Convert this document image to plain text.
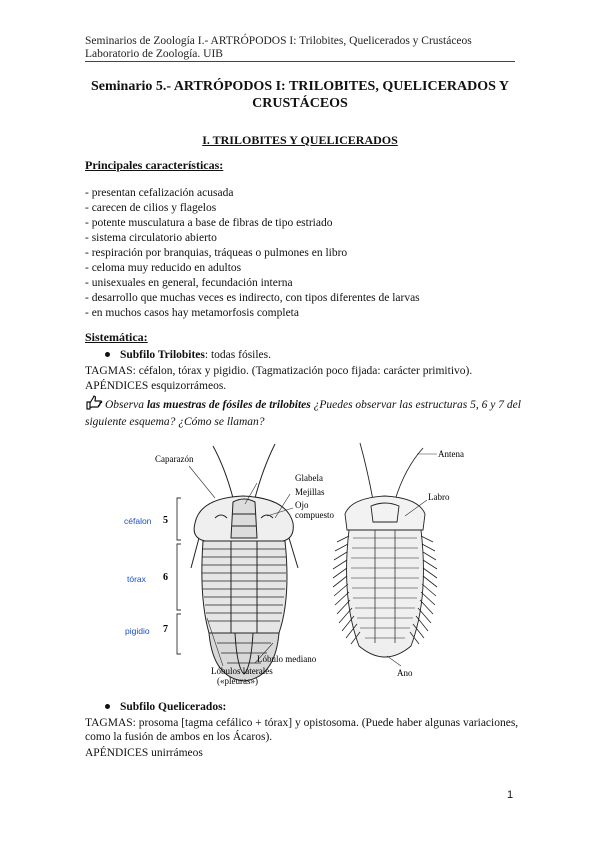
Seminarios de Zoología I.- ARTRÓPODOS I: Trilobites, Quelicerados y Crustáceos
Laboratorio de Zoología. UIB
Seminario 5.- ARTRÓPODOS I: TRILOBITES, QUELICERADOS Y
CRUSTÁCEOS
I. TRILOBITES Y QUELICERADOS
Principales características:
- presentan cefalización acusada
- carecen de cilios y flagelos
- potente musculatura a base de fibras de tipo estriado
- sistema circulatorio abierto
- respiración por branquias, tráqueas o pulmones en libro
- celoma muy reducido en adultos
- unisexuales en general, fecundación interna
- desarrollo que muchas veces es indirecto, con tipos diferentes de larvas
- en muchos casos hay metamorfosis completa
Sistemática:
Subfilo Trilobites: todas fósiles.
TAGMAS: céfalon, tórax y pigidio. (Tagmatización poco fijada: carácter primitivo).
APÉNDICES esquizorrámeos.
Observa las muestras de fósiles de trilobites ¿Puedes observar las estructuras 5, 6 y 7 del siguiente esquema? ¿Cómo se llaman?
5
6
7
Caparazón
Glabela
Mejillas
Ojo
compuesto
Lóbulo mediano
Lóbulos laterales
(«pleuras»)
Antena
Labro
Ano
céfalon
tórax
pigidio
Subfilo Quelicerados:
TAGMAS: prosoma [tagma cefálico + tórax] y opistosoma. (Puede haber algunas variaciones, como la fusión de ambos en los Ácaros).
APÉNDICES unirrámeos
1
